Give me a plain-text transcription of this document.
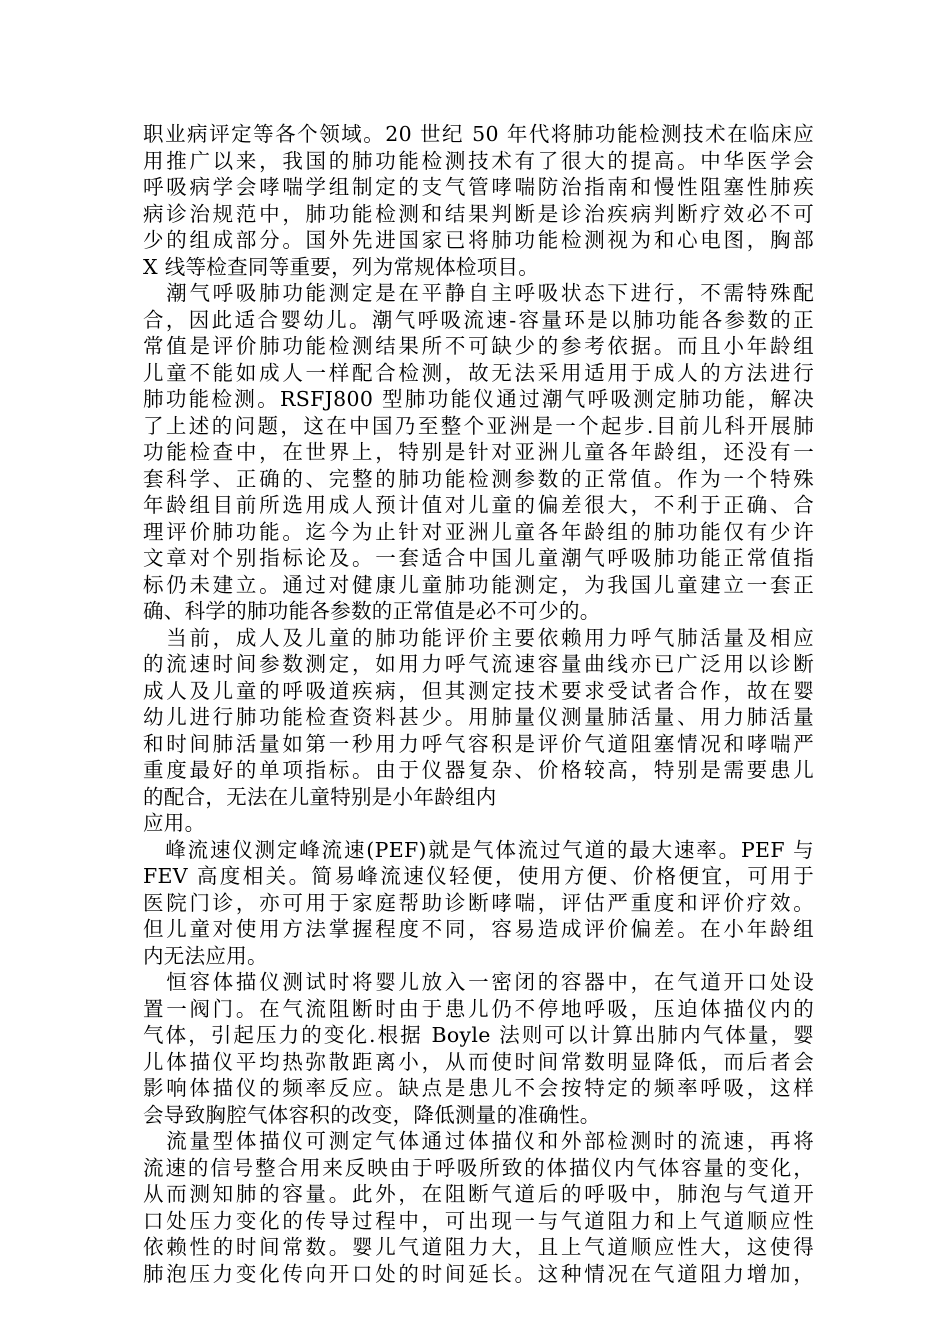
职业病评定等各个领域。20 世纪 50 年代将肺功能检测技术在临床应
用推广以来，我国的肺功能检测技术有了很大的提高。中华医学会
呼吸病学会哮喘学组制定的支气管哮喘防治指南和慢性阻塞性肺疾
病诊治规范中，肺功能检测和结果判断是诊治疾病判断疗效必不可
少的组成部分。国外先进国家已将肺功能检测视为和心电图，胸部
X 线等检查同等重要，列为常规体检项目。
　潮气呼吸肺功能测定是在平静自主呼吸状态下进行，不需特殊配
合，因此适合婴幼儿。潮气呼吸流速-容量环是以肺功能各参数的正
常值是评价肺功能检测结果所不可缺少的参考依据。而且小年龄组
儿童不能如成人一样配合检测，故无法采用适用于成人的方法进行
肺功能检测。RSFJ800 型肺功能仪通过潮气呼吸测定肺功能，解决
了上述的问题，这在中国乃至整个亚洲是一个起步.目前儿科开展肺
功能检查中，在世界上，特别是针对亚洲儿童各年龄组，还没有一
套科学、正确的、完整的肺功能检测参数的正常值。作为一个特殊
年龄组目前所选用成人预计值对儿童的偏差很大，不利于正确、合
理评价肺功能。迄今为止针对亚洲儿童各年龄组的肺功能仅有少许
文章对个别指标论及。一套适合中国儿童潮气呼吸肺功能正常值指
标仍未建立。通过对健康儿童肺功能测定，为我国儿童建立一套正
确、科学的肺功能各参数的正常值是必不可少的。
　当前，成人及儿童的肺功能评价主要依赖用力呼气肺活量及相应
的流速时间参数测定，如用力呼气流速容量曲线亦已广泛用以诊断
成人及儿童的呼吸道疾病，但其测定技术要求受试者合作，故在婴
幼儿进行肺功能检查资料甚少。用肺量仪测量肺活量、用力肺活量
和时间肺活量如第一秒用力呼气容积是评价气道阻塞情况和哮喘严
重度最好的单项指标。由于仪器复杂、价格较高，特别是需要患儿
的配合，无法在儿童特别是小年龄组内
应用。
　峰流速仪测定峰流速(PEF)就是气体流过气道的最大速率。PEF 与
FEV 高度相关。简易峰流速仪轻便，使用方便、价格便宜，可用于
医院门诊，亦可用于家庭帮助诊断哮喘，评估严重度和评价疗效。
但儿童对使用方法掌握程度不同，容易造成评价偏差。在小年龄组
内无法应用。
　恒容体描仪测试时将婴儿放入一密闭的容器中，在气道开口处设
置一阀门。在气流阻断时由于患儿仍不停地呼吸，压迫体描仪内的
气体，引起压力的变化.根据 Boyle 法则可以计算出肺内气体量，婴
儿体描仪平均热弥散距离小，从而使时间常数明显降低，而后者会
影响体描仪的频率反应。缺点是患儿不会按特定的频率呼吸，这样
会导致胸腔气体容积的改变，降低测量的准确性。
　流量型体描仪可测定气体通过体描仪和外部检测时的流速，再将
流速的信号整合用来反映由于呼吸所致的体描仪内气体容量的变化，
从而测知肺的容量。此外，在阻断气道后的呼吸中，肺泡与气道开
口处压力变化的传导过程中，可出现一与气道阻力和上气道顺应性
依赖性的时间常数。婴儿气道阻力大，且上气道顺应性大，这使得
肺泡压力变化传向开口处的时间延长。这种情况在气道阻力增加，
